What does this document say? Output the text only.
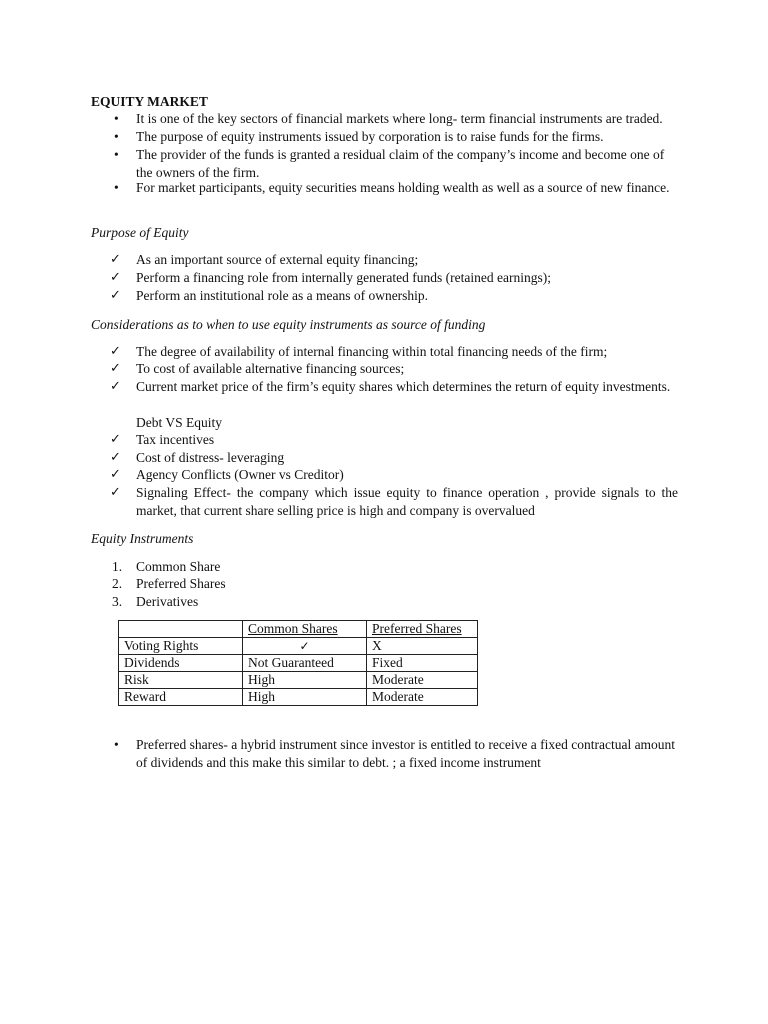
EQUITY MARKET
•	It is one of the key sectors of financial markets where long- term financial instruments are traded.
•	The purpose of equity instruments issued by corporation is to raise funds for the firms.
•	The provider of the funds is granted a residual claim of the company’s income and become one of the owners of the firm.
•	For market participants, equity securities means holding wealth as well as a source of new finance.
Purpose of Equity
✓ As an important source of external equity financing;
✓ Perform a financing role from internally generated funds (retained earnings);
✓ Perform an institutional role as a means of ownership.
Considerations as to when to use equity instruments as source of funding
✓ The degree of availability of internal financing within total financing needs of the firm;
✓ To cost of available alternative financing sources;
✓ Current market price of the firm’s equity shares which determines the return of equity investments.
Debt VS Equity
✓ Tax incentives
✓ Cost of distress- leveraging
✓ Agency Conflicts (Owner vs Creditor)
✓ Signaling Effect- the company which issue equity to finance operation , provide signals to the market, that current share selling price is high and company is overvalued
Equity Instruments
1.	Common Share
2.	Preferred Shares
3.	Derivatives
	Common Shares	Preferred Shares
Voting Rights	✓	X
Dividends	Not Guaranteed	Fixed
Risk	High	Moderate
Reward	High	Moderate
•	Preferred shares- a hybrid instrument since investor is entitled to receive a fixed contractual amount of dividends and this make this similar to debt. ; a fixed income instrument
